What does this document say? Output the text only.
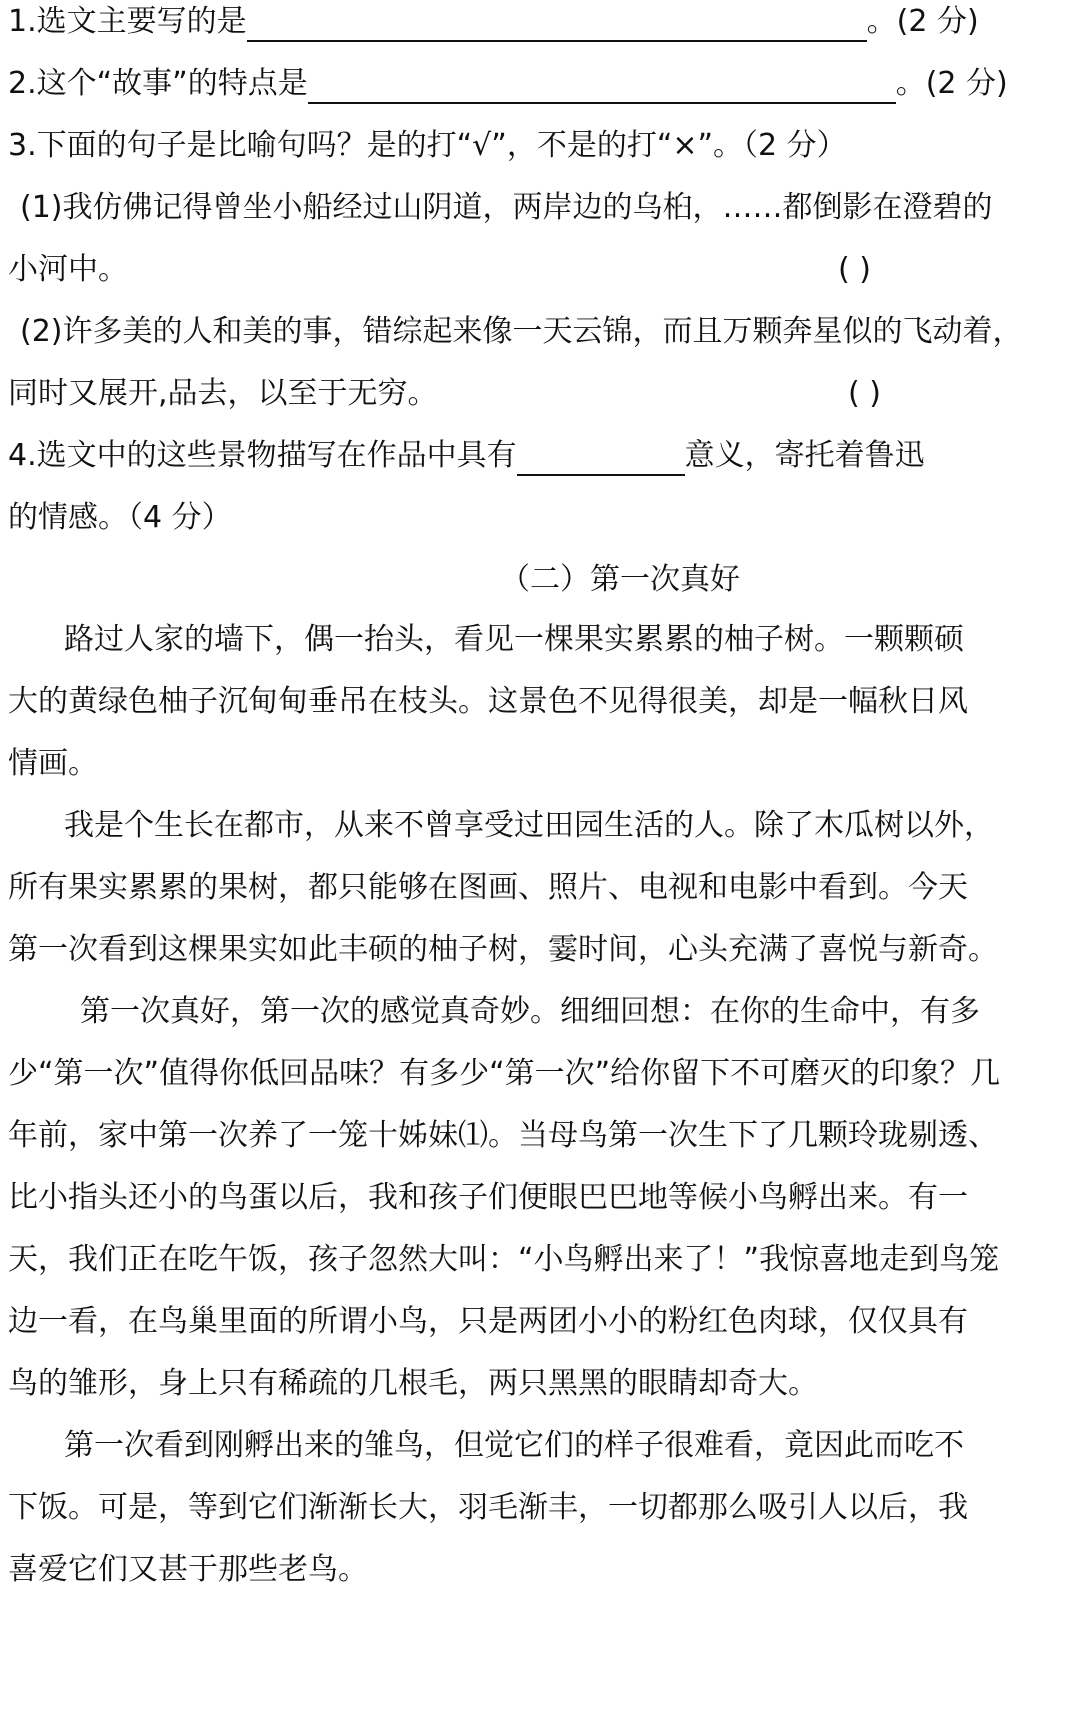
1.选文主要写的是	。(2 分)
2.这个“故事”的特点是	。(2 分)
3.下面的句子是比喻句吗？是的打“√”，不是的打“×”。（2 分）
(1)我仿佛记得曾坐小船经过山阴道，两岸边的乌桕，……都倒影在澄碧的
小河中。	( )
(2)许多美的人和美的事，错综起来像一天云锦，而且万颗奔星似的飞动着，
同时又展开,品去，以至于无穷。	( )
4.选文中的这些景物描写在作品中具有	意义，寄托着鲁迅
的情感。（4 分）
（二）第一次真好
路过人家的墙下，偶一抬头，看见一棵果实累累的柚子树。一颗颗硕
大的黄绿色柚子沉甸甸垂吊在枝头。这景色不见得很美，却是一幅秋日风
情画。
我是个生长在都市，从来不曾享受过田园生活的人。除了木瓜树以外，
所有果实累累的果树，都只能够在图画、照片、电视和电影中看到。今天
第一次看到这棵果实如此丰硕的柚子树，霎时间，心头充满了喜悦与新奇。
第一次真好，第一次的感觉真奇妙。细细回想：在你的生命中，有多
少“第一次”值得你低回品味？有多少“第一次”给你留下不可磨灭的印象？几
年前，家中第一次养了一笼十姊妹⑴。当母鸟第一次生下了几颗玲珑剔透、
比小指头还小的鸟蛋以后，我和孩子们便眼巴巴地等候小鸟孵出来。有一
天，我们正在吃午饭，孩子忽然大叫：“小鸟孵出来了！”我惊喜地走到鸟笼
边一看，在鸟巢里面的所谓小鸟，只是两团小小的粉红色肉球，仅仅具有
鸟的雏形，身上只有稀疏的几根毛，两只黑黑的眼睛却奇大。
第一次看到刚孵出来的雏鸟，但觉它们的样子很难看，竟因此而吃不
下饭。可是，等到它们渐渐长大，羽毛渐丰，一切都那么吸引人以后，我
喜爱它们又甚于那些老鸟。
